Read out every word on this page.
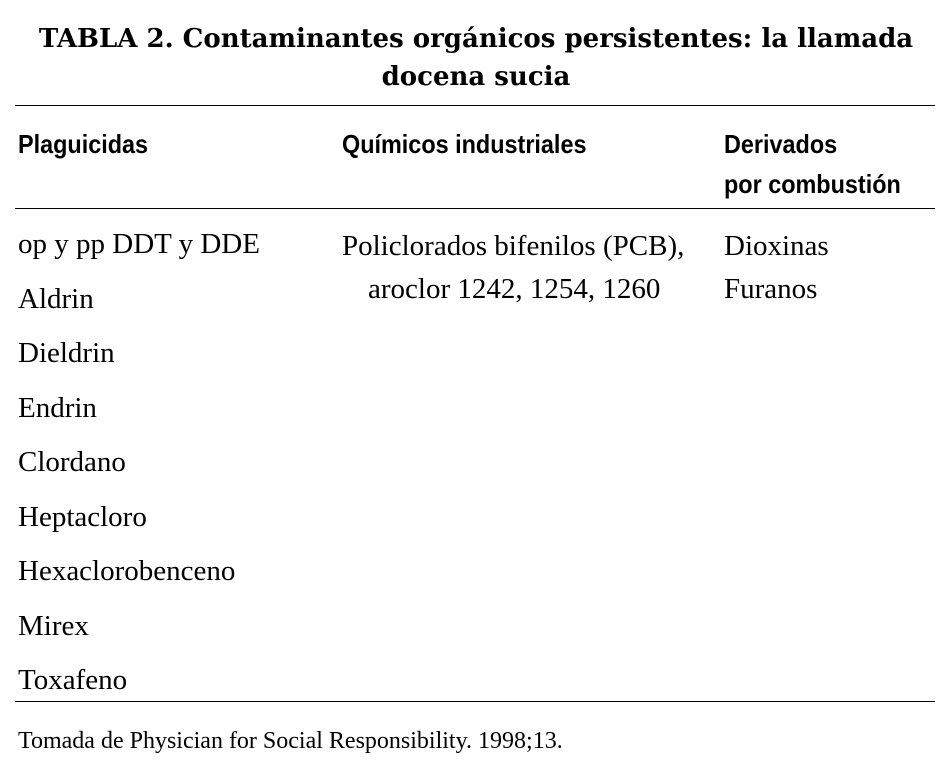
TABLA 2. Contaminantes orgánicos persistentes: la llamada
docena sucia
Plaguicidas	Químicos industriales	Derivados
por combustión
op y pp DDT y DDE
Aldrin
Dieldrin
Endrin
Clordano
Heptacloro
Hexaclorobenceno
Mirex
Toxafeno
Policlorados bifenilos (PCB), aroclor 1242, 1254, 1260
Dioxinas
Furanos

Tomada de Physician for Social Responsibility. 1998;13.
